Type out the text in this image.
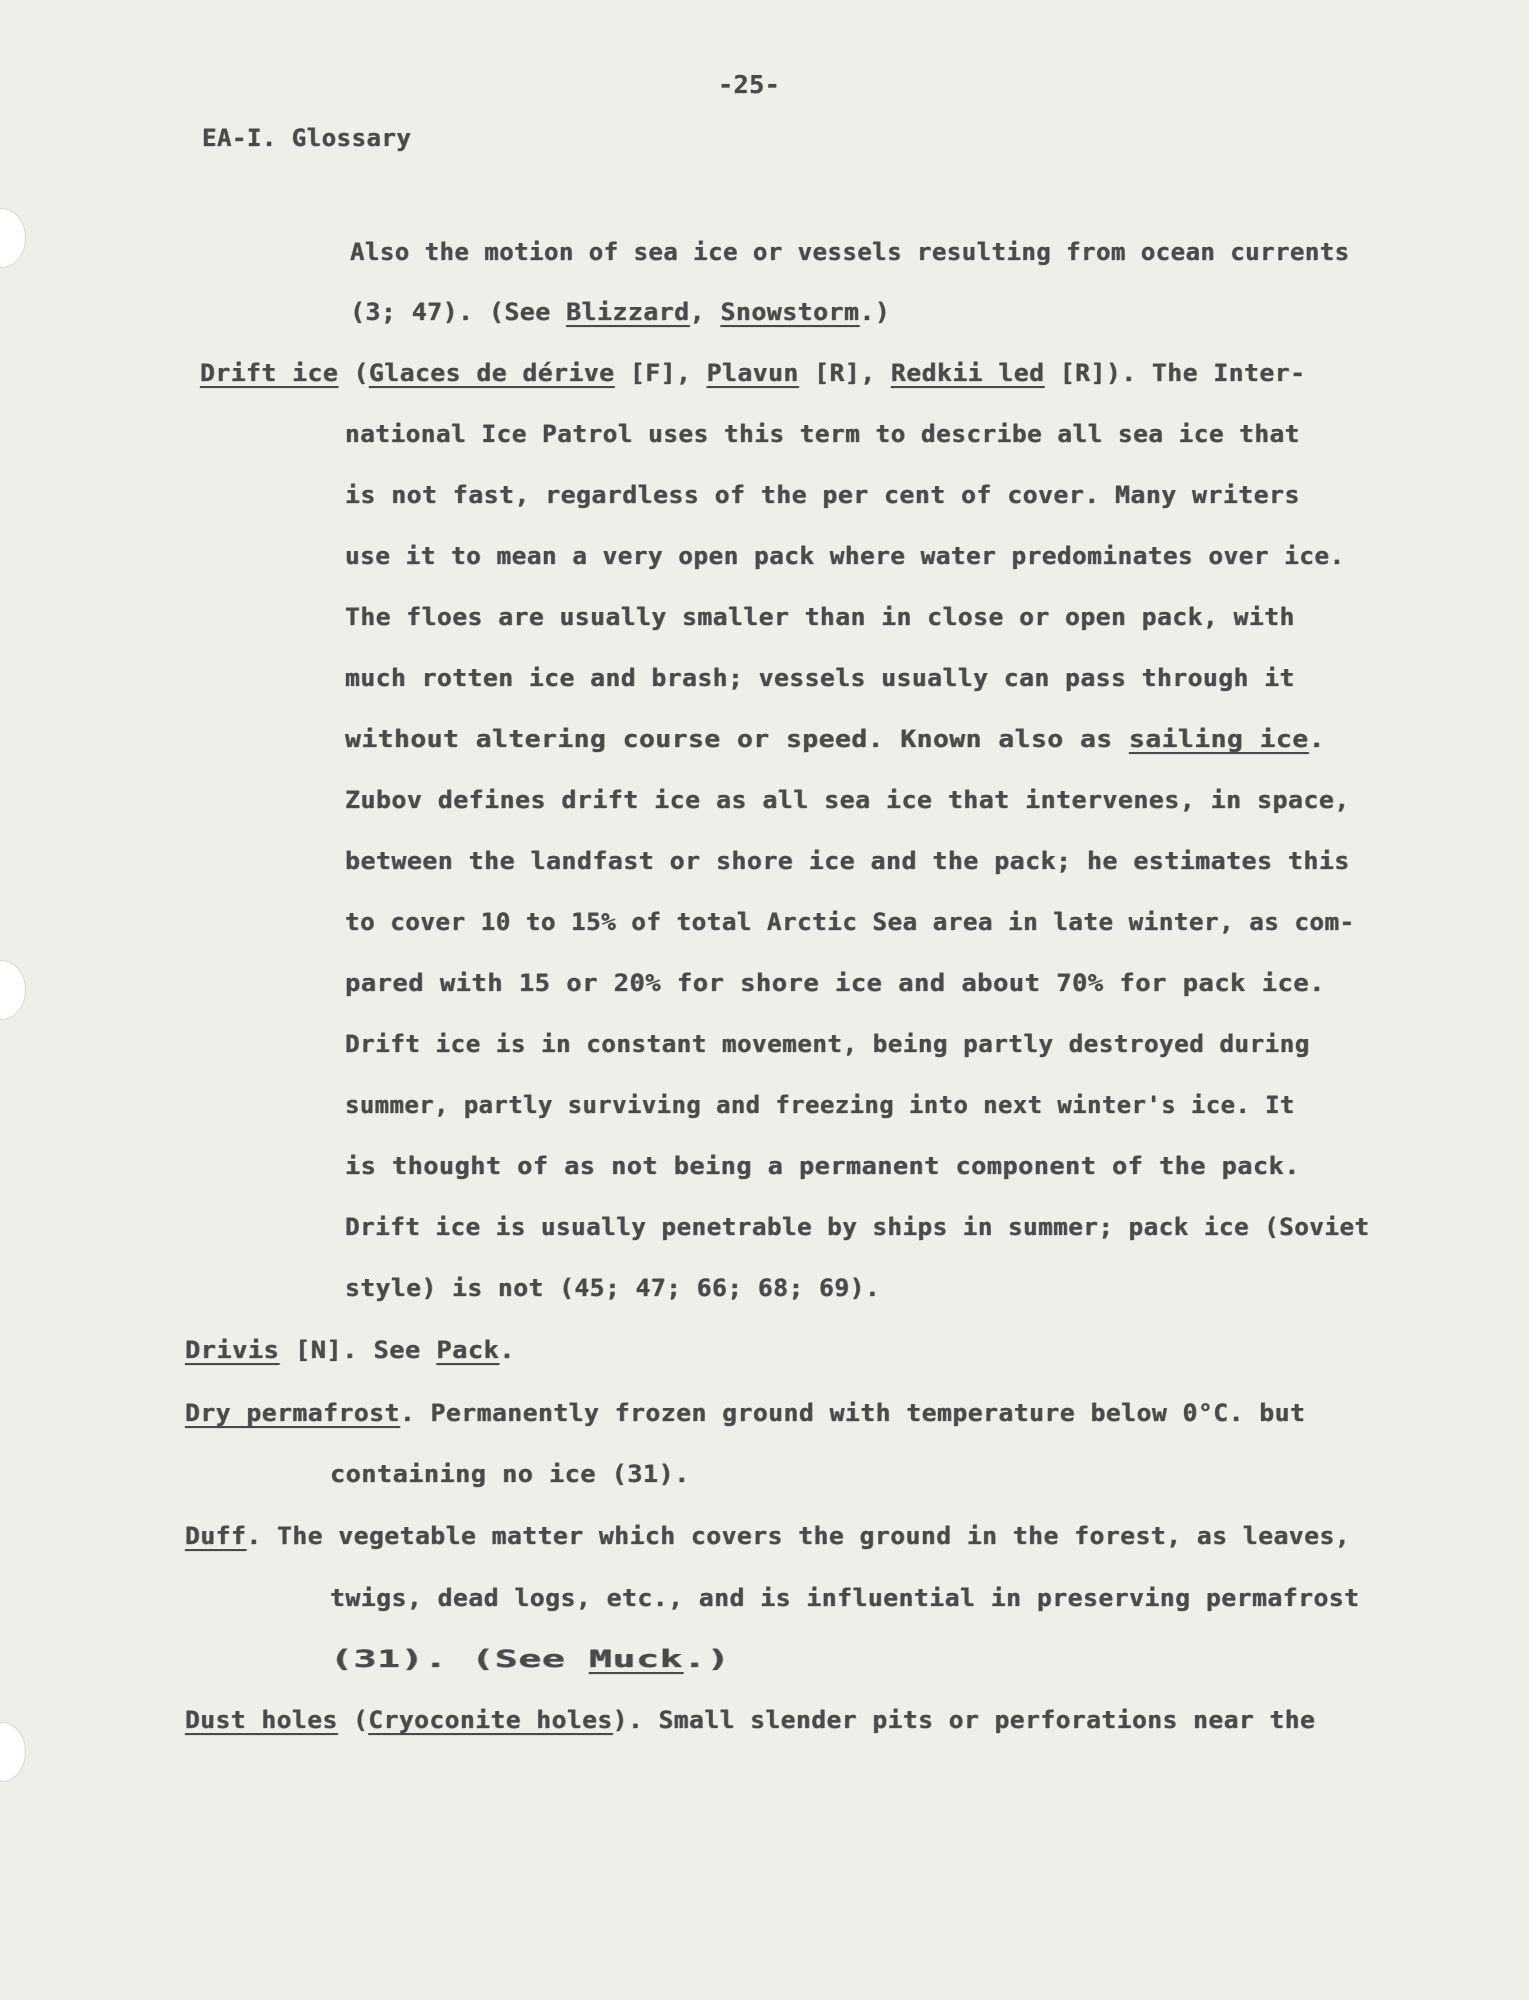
-25-
EA-I. Glossary
Also the motion of sea ice or vessels resulting from ocean currents
(3; 47). (See Blizzard, Snowstorm.)
Drift ice (Glaces de dérive [F], Plavun [R], Redkii led [R]). The Inter-
national Ice Patrol uses this term to describe all sea ice that
is not fast, regardless of the per cent of cover. Many writers
use it to mean a very open pack where water predominates over ice.
The floes are usually smaller than in close or open pack, with
much rotten ice and brash; vessels usually can pass through it
without altering course or speed. Known also as sailing ice.
Zubov defines drift ice as all sea ice that intervenes, in space,
between the landfast or shore ice and the pack; he estimates this
to cover 10 to 15% of total Arctic Sea area in late winter, as com-
pared with 15 or 20% for shore ice and about 70% for pack ice.
Drift ice is in constant movement, being partly destroyed during
summer, partly surviving and freezing into next winter's ice. It
is thought of as not being a permanent component of the pack.
Drift ice is usually penetrable by ships in summer; pack ice (Soviet
style) is not (45; 47; 66; 68; 69).
Drivis [N]. See Pack.
Dry permafrost. Permanently frozen ground with temperature below 0°C. but
containing no ice (31).
Duff. The vegetable matter which covers the ground in the forest, as leaves,
twigs, dead logs, etc., and is influential in preserving permafrost
(31). (See Muck.)
Dust holes (Cryoconite holes). Small slender pits or perforations near the
